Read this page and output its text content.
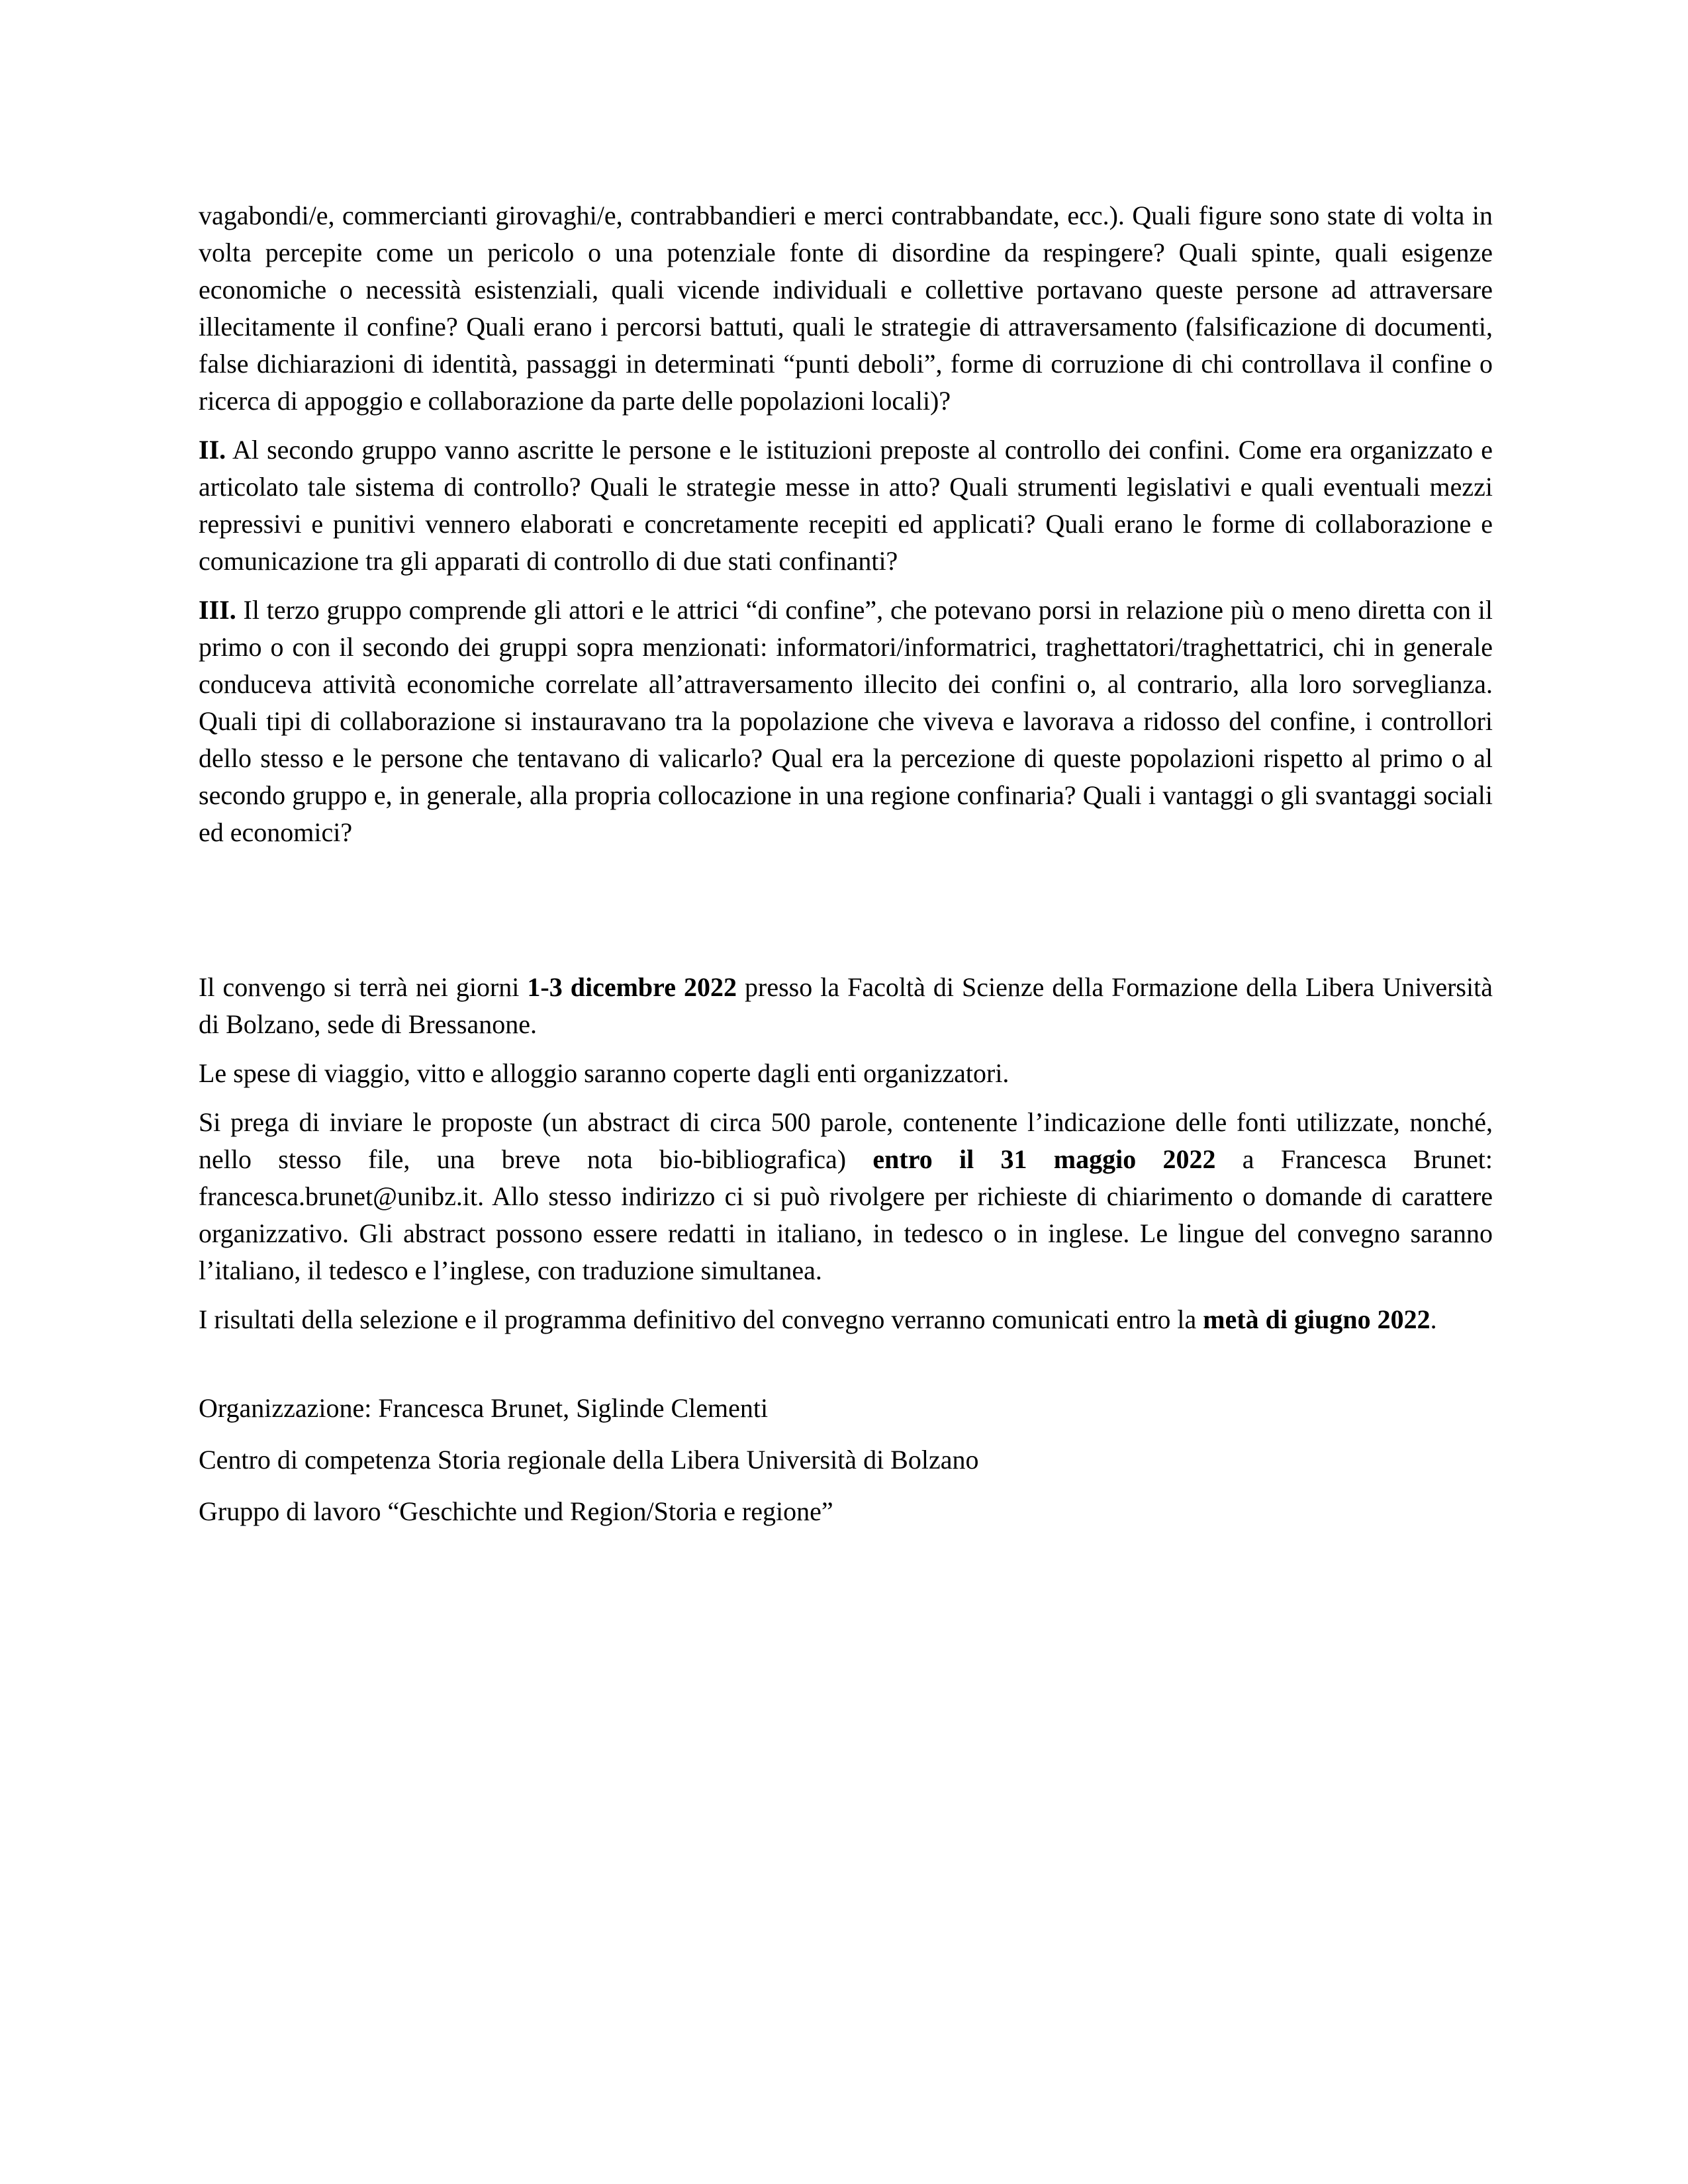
vagabondi/e, commercianti girovaghi/e, contrabbandieri e merci contrabbandate, ecc.). Quali figure sono state di volta in volta percepite come un pericolo o una potenziale fonte di disordine da respingere? Quali spinte, quali esigenze economiche o necessità esistenziali, quali vicende individuali e collettive portavano queste persone ad attraversare illecitamente il confine? Quali erano i percorsi battuti, quali le strategie di attraversamento (falsificazione di documenti, false dichiarazioni di identità, passaggi in determinati “punti deboli”, forme di corruzione di chi controllava il confine o ricerca di appoggio e collaborazione da parte delle popolazioni locali)?

II. Al secondo gruppo vanno ascritte le persone e le istituzioni preposte al controllo dei confini. Come era organizzato e articolato tale sistema di controllo? Quali le strategie messe in atto? Quali strumenti legislativi e quali eventuali mezzi repressivi e punitivi vennero elaborati e concretamente recepiti ed applicati? Quali erano le forme di collaborazione e comunicazione tra gli apparati di controllo di due stati confinanti?

III. Il terzo gruppo comprende gli attori e le attrici “di confine”, che potevano porsi in relazione più o meno diretta con il primo o con il secondo dei gruppi sopra menzionati: informatori/informatrici, traghettatori/traghettatrici, chi in generale conduceva attività economiche correlate all’attraversamento illecito dei confini o, al contrario, alla loro sorveglianza. Quali tipi di collaborazione si instauravano tra la popolazione che viveva e lavorava a ridosso del confine, i controllori dello stesso e le persone che tentavano di valicarlo? Qual era la percezione di queste popolazioni rispetto al primo o al secondo gruppo e, in generale, alla propria collocazione in una regione confinaria? Quali i vantaggi o gli svantaggi sociali ed economici?

Il convengo si terrà nei giorni 1-3 dicembre 2022 presso la Facoltà di Scienze della Formazione della Libera Università di Bolzano, sede di Bressanone.

Le spese di viaggio, vitto e alloggio saranno coperte dagli enti organizzatori.

Si prega di inviare le proposte (un abstract di circa 500 parole, contenente l’indicazione delle fonti utilizzate, nonché, nello stesso file, una breve nota bio-bibliografica) entro il 31 maggio 2022 a Francesca Brunet: francesca.brunet@unibz.it. Allo stesso indirizzo ci si può rivolgere per richieste di chiarimento o domande di carattere organizzativo. Gli abstract possono essere redatti in italiano, in tedesco o in inglese. Le lingue del convegno saranno l’italiano, il tedesco e l’inglese, con traduzione simultanea.

I risultati della selezione e il programma definitivo del convegno verranno comunicati entro la metà di giugno 2022.

Organizzazione: Francesca Brunet, Siglinde Clementi

Centro di competenza Storia regionale della Libera Università di Bolzano

Gruppo di lavoro “Geschichte und Region/Storia e regione”
